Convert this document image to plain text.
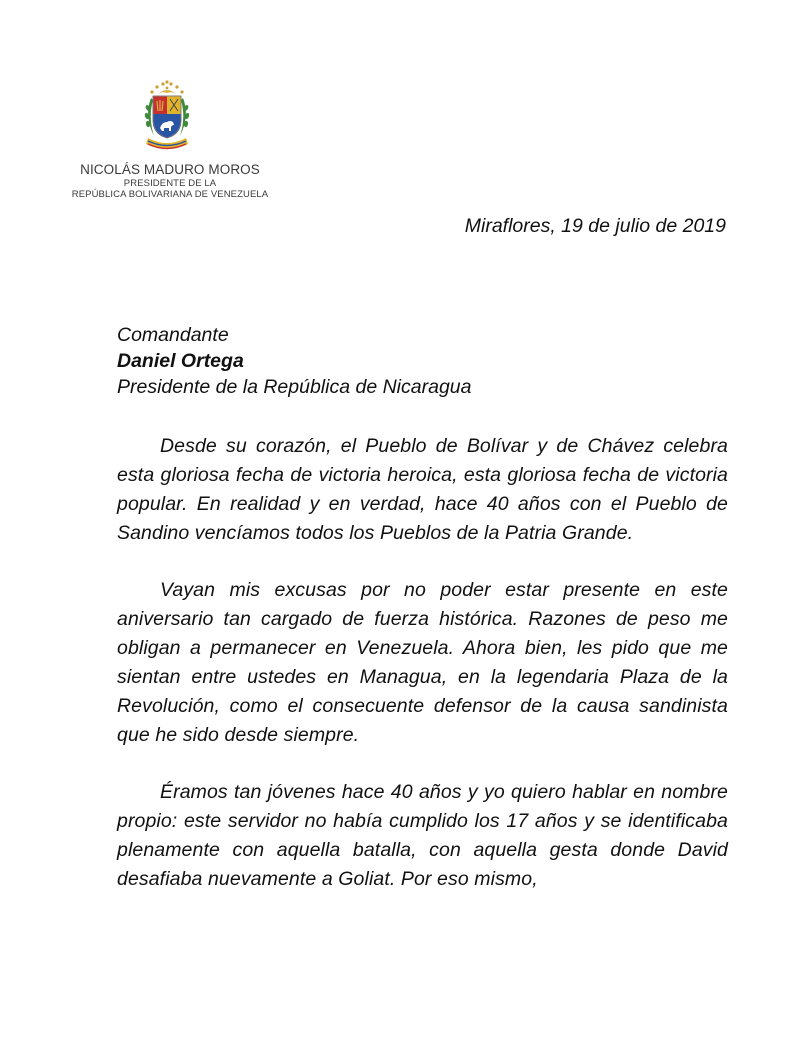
NICOLÁS MADURO MOROS
PRESIDENTE DE LA
REPÚBLICA BOLIVARIANA DE VENEZUELA
Miraflores, 19 de julio de 2019
Comandante
Daniel Ortega
Presidente de la República de Nicaragua

Desde su corazón, el Pueblo de Bolívar y de Chávez celebra esta gloriosa fecha de victoria heroica, esta gloriosa fecha de victoria popular. En realidad y en verdad, hace 40 años con el Pueblo de Sandino vencíamos todos los Pueblos de la Patria Grande.

Vayan mis excusas por no poder estar presente en este aniversario tan cargado de fuerza histórica. Razones de peso me obligan a permanecer en Venezuela. Ahora bien, les pido que me sientan entre ustedes en Managua, en la legendaria Plaza de la Revolución, como el consecuente defensor de la causa sandinista que he sido desde siempre.

Éramos tan jóvenes hace 40 años y yo quiero hablar en nombre propio: este servidor no había cumplido los 17 años y se identificaba plenamente con aquella batalla, con aquella gesta donde David desafiaba nuevamente a Goliat. Por eso mismo,
